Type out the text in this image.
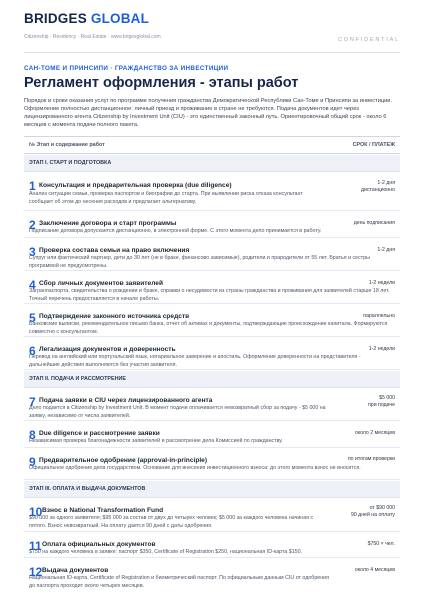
BRIDGES GLOBAL
Citizenship · Residency · Real Estate · www.brigesglobal.com	CONFIDENTIAL
САН-ТОМЕ И ПРИНСИПИ · ГРАЖДАНСТВО ЗА ИНВЕСТИЦИИ
Регламент оформления - этапы работ
Порядок и сроки оказания услуг по программе получения гражданства Демократической Республики Сан-Томе и Принсипи за инвестиции. Оформление полностью дистанционное: личный приезд и проживание в стране не требуются. Подача документов идет через лицензированного агента Citizenship by Investment Unit (CIU) - это единственный законный путь. Ориентировочный общий срок - около 6 месяцев с момента подачи полного пакета.
№ Этап и содержание работ	СРОК / ПЛАТЕЖ
ЭТАП I. СТАРТ И ПОДГОТОВКА
1 Консультация и предварительная проверка (due diligence)
Анализ ситуации семьи, проверка паспортов и биографии до старта. При выявлении риска отказа консультант сообщает об этом до несения расходов и предлагает альтернативу.
1-2 дня
дистанционно
2 Заключение договора и старт программы
Подписание договора допускается дистанционно, в электронной форме. С этого момента дело принимается в работу.
день подписания
3 Проверка состава семьи на право включения
Супруг или фактический партнер, дети до 30 лет (не в браке, финансово зависимые), родители и прародители от 55 лет. Братья и сестры программой не предусмотрены.
1-2 дня
4 Сбор личных документов заявителей
Загранпаспорта, свидетельства о рождении и браке, справки о несудимости из страны гражданства и проживания для заявителей старше 18 лет. Точный перечень предоставляется в начале работы.
1-2 недели
5 Подтверждение законного источника средств
Банковские выписки, рекомендательное письмо банка, отчет об активах и документы, подтверждающие происхождение капитала. Формируются совместно с консультантом.
параллельно
6 Легализация документов и доверенность
Перевод на английский или португальский язык, нотариальное заверение и апостиль. Оформление доверенности на представителя - дальнейшие действия выполняются без участия заявителя.
1-2 недели
ЭТАП II. ПОДАЧА И РАССМОТРЕНИЕ
7 Подача заявки в CIU через лицензированного агента
Дело подается в Citizenship by Investment Unit. В момент подачи оплачивается невозвратный сбор за подачу - $5 000 на заявку, независимо от числа заявителей.
$5 000
при подаче
8 Due diligence и рассмотрение заявки
Независимая проверка благонадежности заявителей и рассмотрение дела Комиссией по гражданству.
около 2 месяцев
9 Предварительное одобрение (approval-in-principle)
Официальное одобрение дела государством. Основание для внесения инвестиционного взноса: до этого момента взнос не вносится.
по итогам проверки
ЭТАП III. ОПЛАТА И ВЫДАЧА ДОКУМЕНТОВ
10 Взнос в National Transformation Fund
$90 000 за одного заявителя; $95 000 за состав от двух до четырех человек; $5 000 за каждого человека начиная с пятого. Взнос невозвратный. На оплату дается 90 дней с даты одобрения.
от $90 000
90 дней на оплату
11 Оплата официальных документов
$750 на каждого человека в заявке: паспорт $350, Certificate of Registration $250, национальная ID-карта $150.
$750 × чел.
12 Выдача документов
Национальная ID-карта, Certificate of Registration и биометрический паспорт. По официальным данным CIU от одобрения до паспорта проходит около четырех месяцев.
около 4 месяцев
